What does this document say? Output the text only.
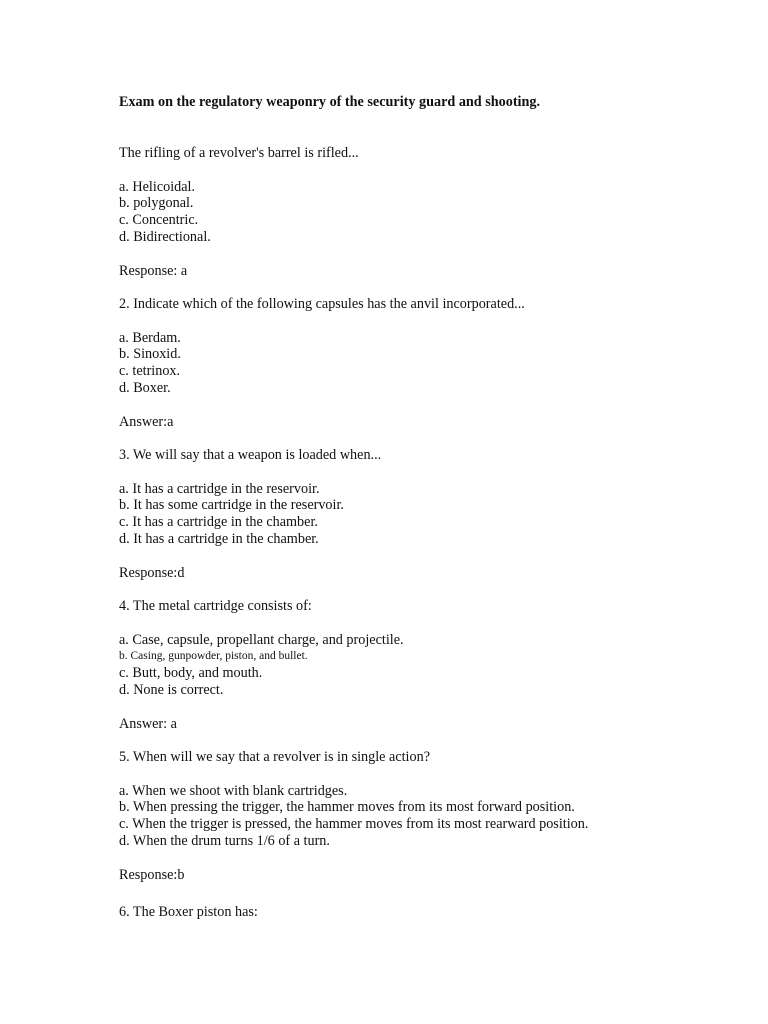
Exam on the regulatory weaponry of the security guard and shooting.
The rifling of a revolver's barrel is rifled...
a. Helicoidal.
b. polygonal.
c. Concentric.
d. Bidirectional.
Response: a
2. Indicate which of the following capsules has the anvil incorporated...
a. Berdam.
b. Sinoxid.
c. tetrinox.
d. Boxer.
Answer:a
3. We will say that a weapon is loaded when...
a. It has a cartridge in the reservoir.
b. It has some cartridge in the reservoir.
c. It has a cartridge in the chamber.
d. It has a cartridge in the chamber.
Response:d
4. The metal cartridge consists of:
a. Case, capsule, propellant charge, and projectile.
b. Casing, gunpowder, piston, and bullet.
c. Butt, body, and mouth.
d. None is correct.
Answer: a
5. When will we say that a revolver is in single action?
a. When we shoot with blank cartridges.
b. When pressing the trigger, the hammer moves from its most forward position.
c. When the trigger is pressed, the hammer moves from its most rearward position.
d. When the drum turns 1/6 of a turn.
Response:b
6. The Boxer piston has:
